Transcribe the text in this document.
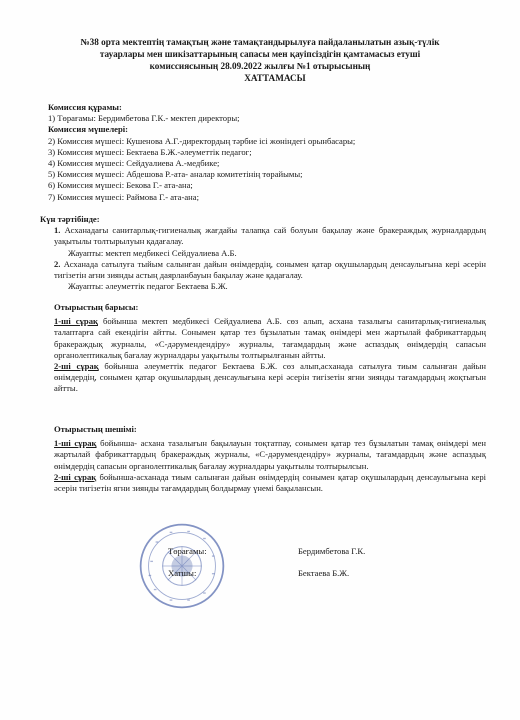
№38 орта мектептің тамақтың және тамақтандырылуға пайдаланылатын азық-түлік
тауарлары мен шикізаттарының сапасы мен қауіпсіздігін қамтамасыз етуші
комиссиясының 28.09.2022 жылғы №1 отырысының
ХАТТАМАСЫ

Комиссия құрамы:

1) Төрағамы: Бердимбетова Г.К.- мектеп директоры;

Комиссия мүшелері:

2) Комиссия мүшесі: Кушенова А.Г.-директордың тәрбие ісі жөніндегі орынбасары;

3) Комиссия мүшесі: Бектаева Б.Ж.-әлеуметтік педагог;

4) Комиссия мүшесі: Сейдуалиева А.-медбике;

5) Комиссия мүшесі: Абдешова Р.-ата- аналар комитетінің төрайымы;

6) Комиссия мүшесі: Бекова Г.- ата-ана;

7) Комиссия мүшесі: Раймова Г.- ата-ана;

Күн тәртібінде:

1. Асханадағы санитарлық-гигиеналық жағдайы талапқа сай болуын бақылау және бракераждық журналдардың уақытылы толтырылуын қадағалау.

Жауапты: мектеп медбикесі Сейдуалиева А.Б.

2. Асханада сатылуға тыйым салынған дайын өнімдердің, сонымен қатар оқушылардың денсаулығына кері әсерін тигізетін ағни зиянды астың даярланбауын бақылау және қадағалау.

Жауапты: әлеуметтік педагог Бектаева Б.Ж.

Отырыстың барысы:

1-ші сұрақ бойынша мектеп медбикесі Сейдуалиева А.Б. сөз алып, асхана тазалығы санитарлық-гигиеналық талаптарға сай екендігін айтты. Сонымен қатар тез бұзылатын тамақ өнімдері мен жартылай фабрикаттардың бракераждық журналы, «С-дәрумендендіру» журналы, тағамдардың және аспаздық өнімдердің сапасын органолептикалық бағалау журналдары уақытылы толтырылғанын айтты.

2-ші сұрақ бойынша әлеуметтік педагог Бектаева Б.Ж. сөз алып,асханада сатылуға тиым салынған дайын өнімдердің, сонымен қатар оқушылардың денсаулығына кері әсерін тигізетін ягни зиянды тағамдардың жоқтығын айтты.

Отырыстың шешімі:

1-ші сұрақ бойынша- асхана тазалығын бақылауын тоқтатпау, сонымен қатар тез бұзылатын тамақ өнімдері мен жартылай фабрикаттардың бракераждық журналы, «С-дәрумендендіру» журналы, тағамдардың және аспаздық өнімдердің сапасын органолептикалық бағалау журналдары уақытылы толтырылсын.

2-ші сұрақ бойынша-асханада тиым салынған дайын өнімдердің сонымен қатар оқушылардың денсаулығына кері әсерін тигізетін ягни зиянды тағамдардың болдырмау үнемі бақылансын.

Төрағамы:	Бердимбетова Г.К.
Хатшы:	Бектаева Б.Ж.
